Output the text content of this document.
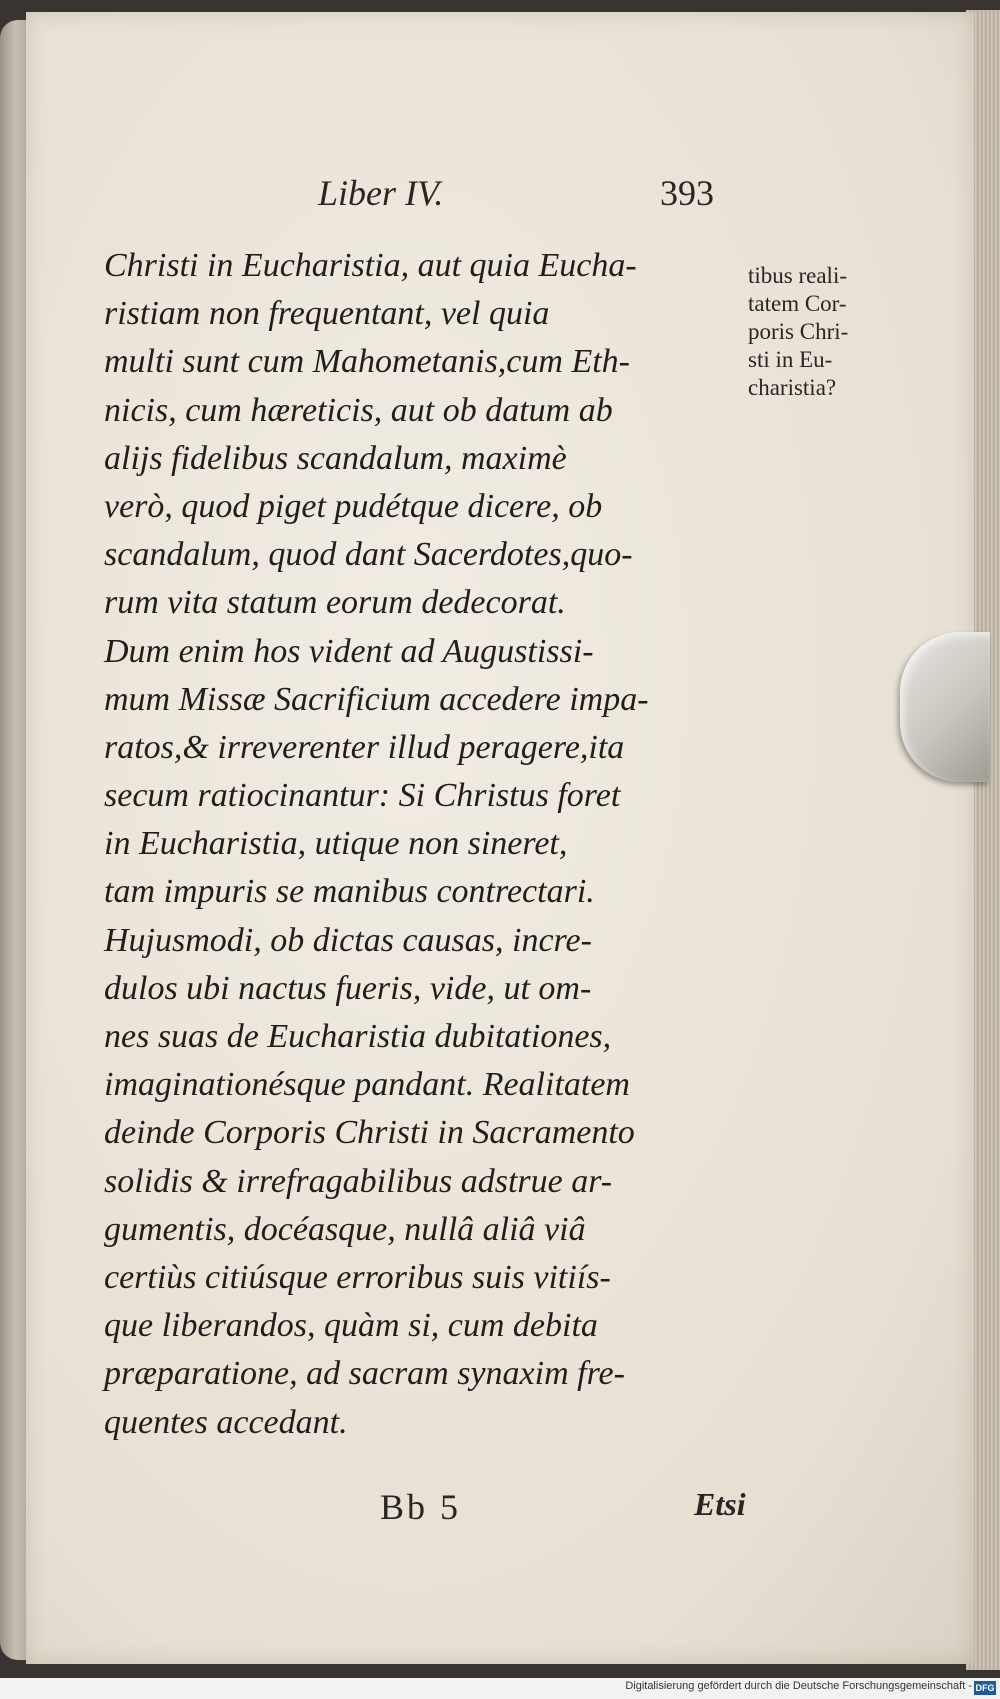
Liber IV.	393
Christi in Eucharistia, aut quia Eucha-
ristiam non frequentant, vel quia
multi sunt cum Mahometanis,cum Eth-
nicis, cum hæreticis, aut ob datum ab
alijs fidelibus scandalum, maximè
verò, quod piget pudétque dicere, ob
scandalum, quod dant Sacerdotes,quo-
rum vita statum eorum dedecorat.
Dum enim hos vident ad Augustissi-
mum Missæ Sacrificium accedere impa-
ratos,& irreverenter illud peragere,ita
secum ratiocinantur: Si Christus foret
in Eucharistia, utique non sineret,
tam impuris se manibus contrectari.
Hujusmodi, ob dictas causas, incre-
dulos ubi nactus fueris, vide, ut om-
nes suas de Eucharistia dubitationes,
imaginationésque pandant. Realitatem
deinde Corporis Christi in Sacramento
solidis & irrefragabilibus adstrue ar-
gumentis, docéasque, nullâ aliâ viâ
certiùs citiúsque erroribus suis vitiís-
que liberandos, quàm si, cum debita
præparatione, ad sacram synaxim fre-
quentes accedant.
tibus reali-
tatem Cor-
poris Chri-
sti in Eu-
charistia?
Bb 5	Etsi
Digitalisierung gefördert durch die Deutsche Forschungsgemeinschaft - DFG
